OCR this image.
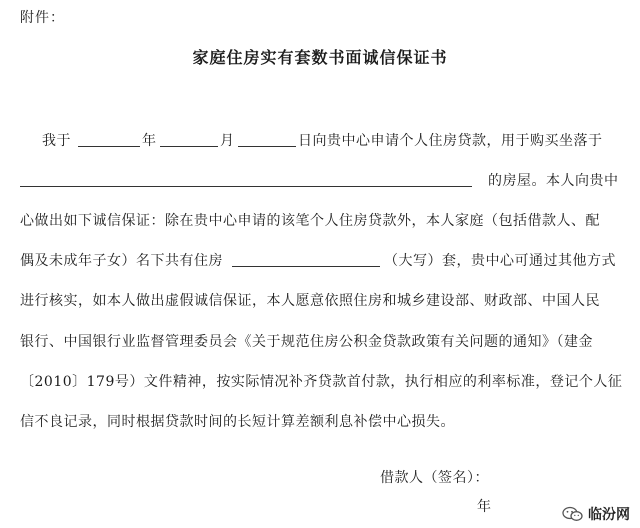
附件：
家庭住房实有套数书面诚信保证书
我于	年	月	日向贵中心申请个人住房贷款，用于购买坐落于
的房屋。本人向贵中
心做出如下诚信保证：除在贵中心申请的该笔个人住房贷款外，本人家庭（包括借款人、配
偶及未成年子女）名下共有住房	（大写）套，贵中心可通过其他方式
进行核实，如本人做出虚假诚信保证，本人愿意依照住房和城乡建设部、财政部、中国人民
银行、中国银行业监督管理委员会《关于规范住房公积金贷款政策有关问题的通知》（建金
〔2010〕179号）文件精神，按实际情况补齐贷款首付款，执行相应的利率标准，登记个人征
信不良记录，同时根据贷款时间的长短计算差额利息补偿中心损失。
借款人（签名）：
年	临汾网
